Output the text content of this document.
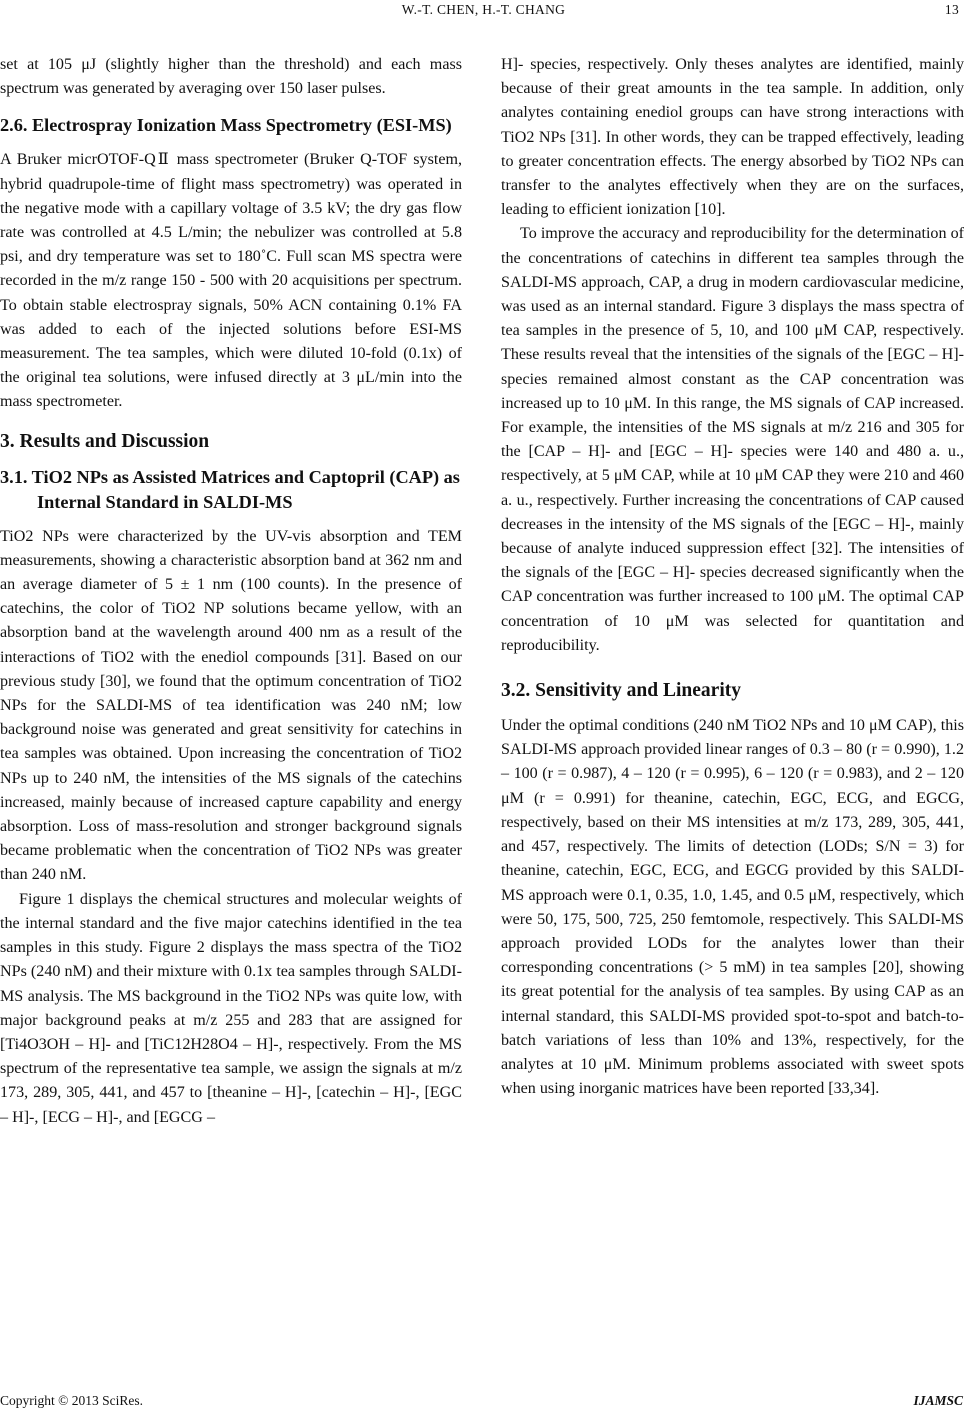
W.-T. CHEN, H.-T. CHANG	13

set at 105 μJ (slightly higher than the threshold) and each mass spectrum was generated by averaging over 150 laser pulses.

2.6. Electrospray Ionization Mass Spectrometry (ESI-MS)

A Bruker micrOTOF-QⅡ mass spectrometer (Bruker Q-TOF system, hybrid quadrupole-time of flight mass spectrometry) was operated in the negative mode with a capillary voltage of 3.5 kV; the dry gas flow rate was controlled at 4.5 L/min; the nebulizer was controlled at 5.8 psi, and dry temperature was set to 180˚C. Full scan MS spectra were recorded in the m/z range 150 - 500 with 20 acquisitions per spectrum. To obtain stable electrospray signals, 50% ACN containing 0.1% FA was added to each of the injected solutions before ESI-MS measurement. The tea samples, which were diluted 10-fold (0.1x) of the original tea solutions, were infused directly at 3 μL/min into the mass spectrometer.

3. Results and Discussion
3.1. TiO2 NPs as Assisted Matrices and Captopril (CAP) as Internal Standard in SALDI-MS

TiO2 NPs were characterized by the UV-vis absorption and TEM measurements, showing a characteristic absorption band at 362 nm and an average diameter of 5 ± 1 nm (100 counts). In the presence of catechins, the color of TiO2 NP solutions became yellow, with an absorption band at the wavelength around 400 nm as a result of the interactions of TiO2 with the enediol compounds [31]. Based on our previous study [30], we found that the optimum concentration of TiO2 NPs for the SALDI-MS of tea identification was 240 nM; low background noise was generated and great sensitivity for catechins in tea samples was obtained. Upon increasing the concentration of TiO2 NPs up to 240 nM, the intensities of the MS signals of the catechins increased, mainly because of increased capture capability and energy absorption. Loss of mass-resolution and stronger background signals became problematic when the concentration of TiO2 NPs was greater than 240 nM.

Figure 1 displays the chemical structures and molecular weights of the internal standard and the five major catechins identified in the tea samples in this study. Figure 2 displays the mass spectra of the TiO2 NPs (240 nM) and their mixture with 0.1x tea samples through SALDI-MS analysis. The MS background in the TiO2 NPs was quite low, with major background peaks at m/z 255 and 283 that are assigned for [Ti4O3OH – H]- and [TiC12H28O4 – H]-, respectively. From the MS spectrum of the representative tea sample, we assign the signals at m/z 173, 289, 305, 441, and 457 to [theanine – H]-, [catechin – H]-, [EGC – H]-, [ECG – H]-, and [EGCG –

H]- species, respectively. Only theses analytes are identified, mainly because of their great amounts in the tea sample. In addition, only analytes containing enediol groups can have strong interactions with TiO2 NPs [31]. In other words, they can be trapped effectively, leading to greater concentration effects. The energy absorbed by TiO2 NPs can transfer to the analytes effectively when they are on the surfaces, leading to efficient ionization [10].

To improve the accuracy and reproducibility for the determination of the concentrations of catechins in different tea samples through the SALDI-MS approach, CAP, a drug in modern cardiovascular medicine, was used as an internal standard. Figure 3 displays the mass spectra of tea samples in the presence of 5, 10, and 100 μM CAP, respectively. These results reveal that the intensities of the signals of the [EGC – H]- species remained almost constant as the CAP concentration was increased up to 10 μM. In this range, the MS signals of CAP increased. For example, the intensities of the MS signals at m/z 216 and 305 for the [CAP – H]- and [EGC – H]- species were 140 and 480 a. u., respectively, at 5 μM CAP, while at 10 μM CAP they were 210 and 460 a. u., respectively. Further increasing the concentrations of CAP caused decreases in the intensity of the MS signals of the [EGC – H]-, mainly because of analyte induced suppression effect [32]. The intensities of the signals of the [EGC – H]- species decreased significantly when the CAP concentration was further increased to 100 μM. The optimal CAP concentration of 10 μM was selected for quantitation and reproducibility.

3.2. Sensitivity and Linearity

Under the optimal conditions (240 nM TiO2 NPs and 10 μM CAP), this SALDI-MS approach provided linear ranges of 0.3 – 80 (r = 0.990), 1.2 – 100 (r = 0.987), 4 – 120 (r = 0.995), 6 – 120 (r = 0.983), and 2 – 120 μM (r = 0.991) for theanine, catechin, EGC, ECG, and EGCG, respectively, based on their MS intensities at m/z 173, 289, 305, 441, and 457, respectively. The limits of detection (LODs; S/N = 3) for theanine, catechin, EGC, ECG, and EGCG provided by this SALDI-MS approach were 0.1, 0.35, 1.0, 1.45, and 0.5 μM, respectively, which were 50, 175, 500, 725, 250 femtomole, respectively. This SALDI-MS approach provided LODs for the analytes lower than their corresponding concentrations (> 5 mM) in tea samples [20], showing its great potential for the analysis of tea samples. By using CAP as an internal standard, this SALDI-MS provided spot-to-spot and batch-to-batch variations of less than 10% and 13%, respectively, for the analytes at 10 μM. Minimum problems associated with sweet spots when using inorganic matrices have been reported [33,34].

Copyright © 2013 SciRes.	IJAMSC
